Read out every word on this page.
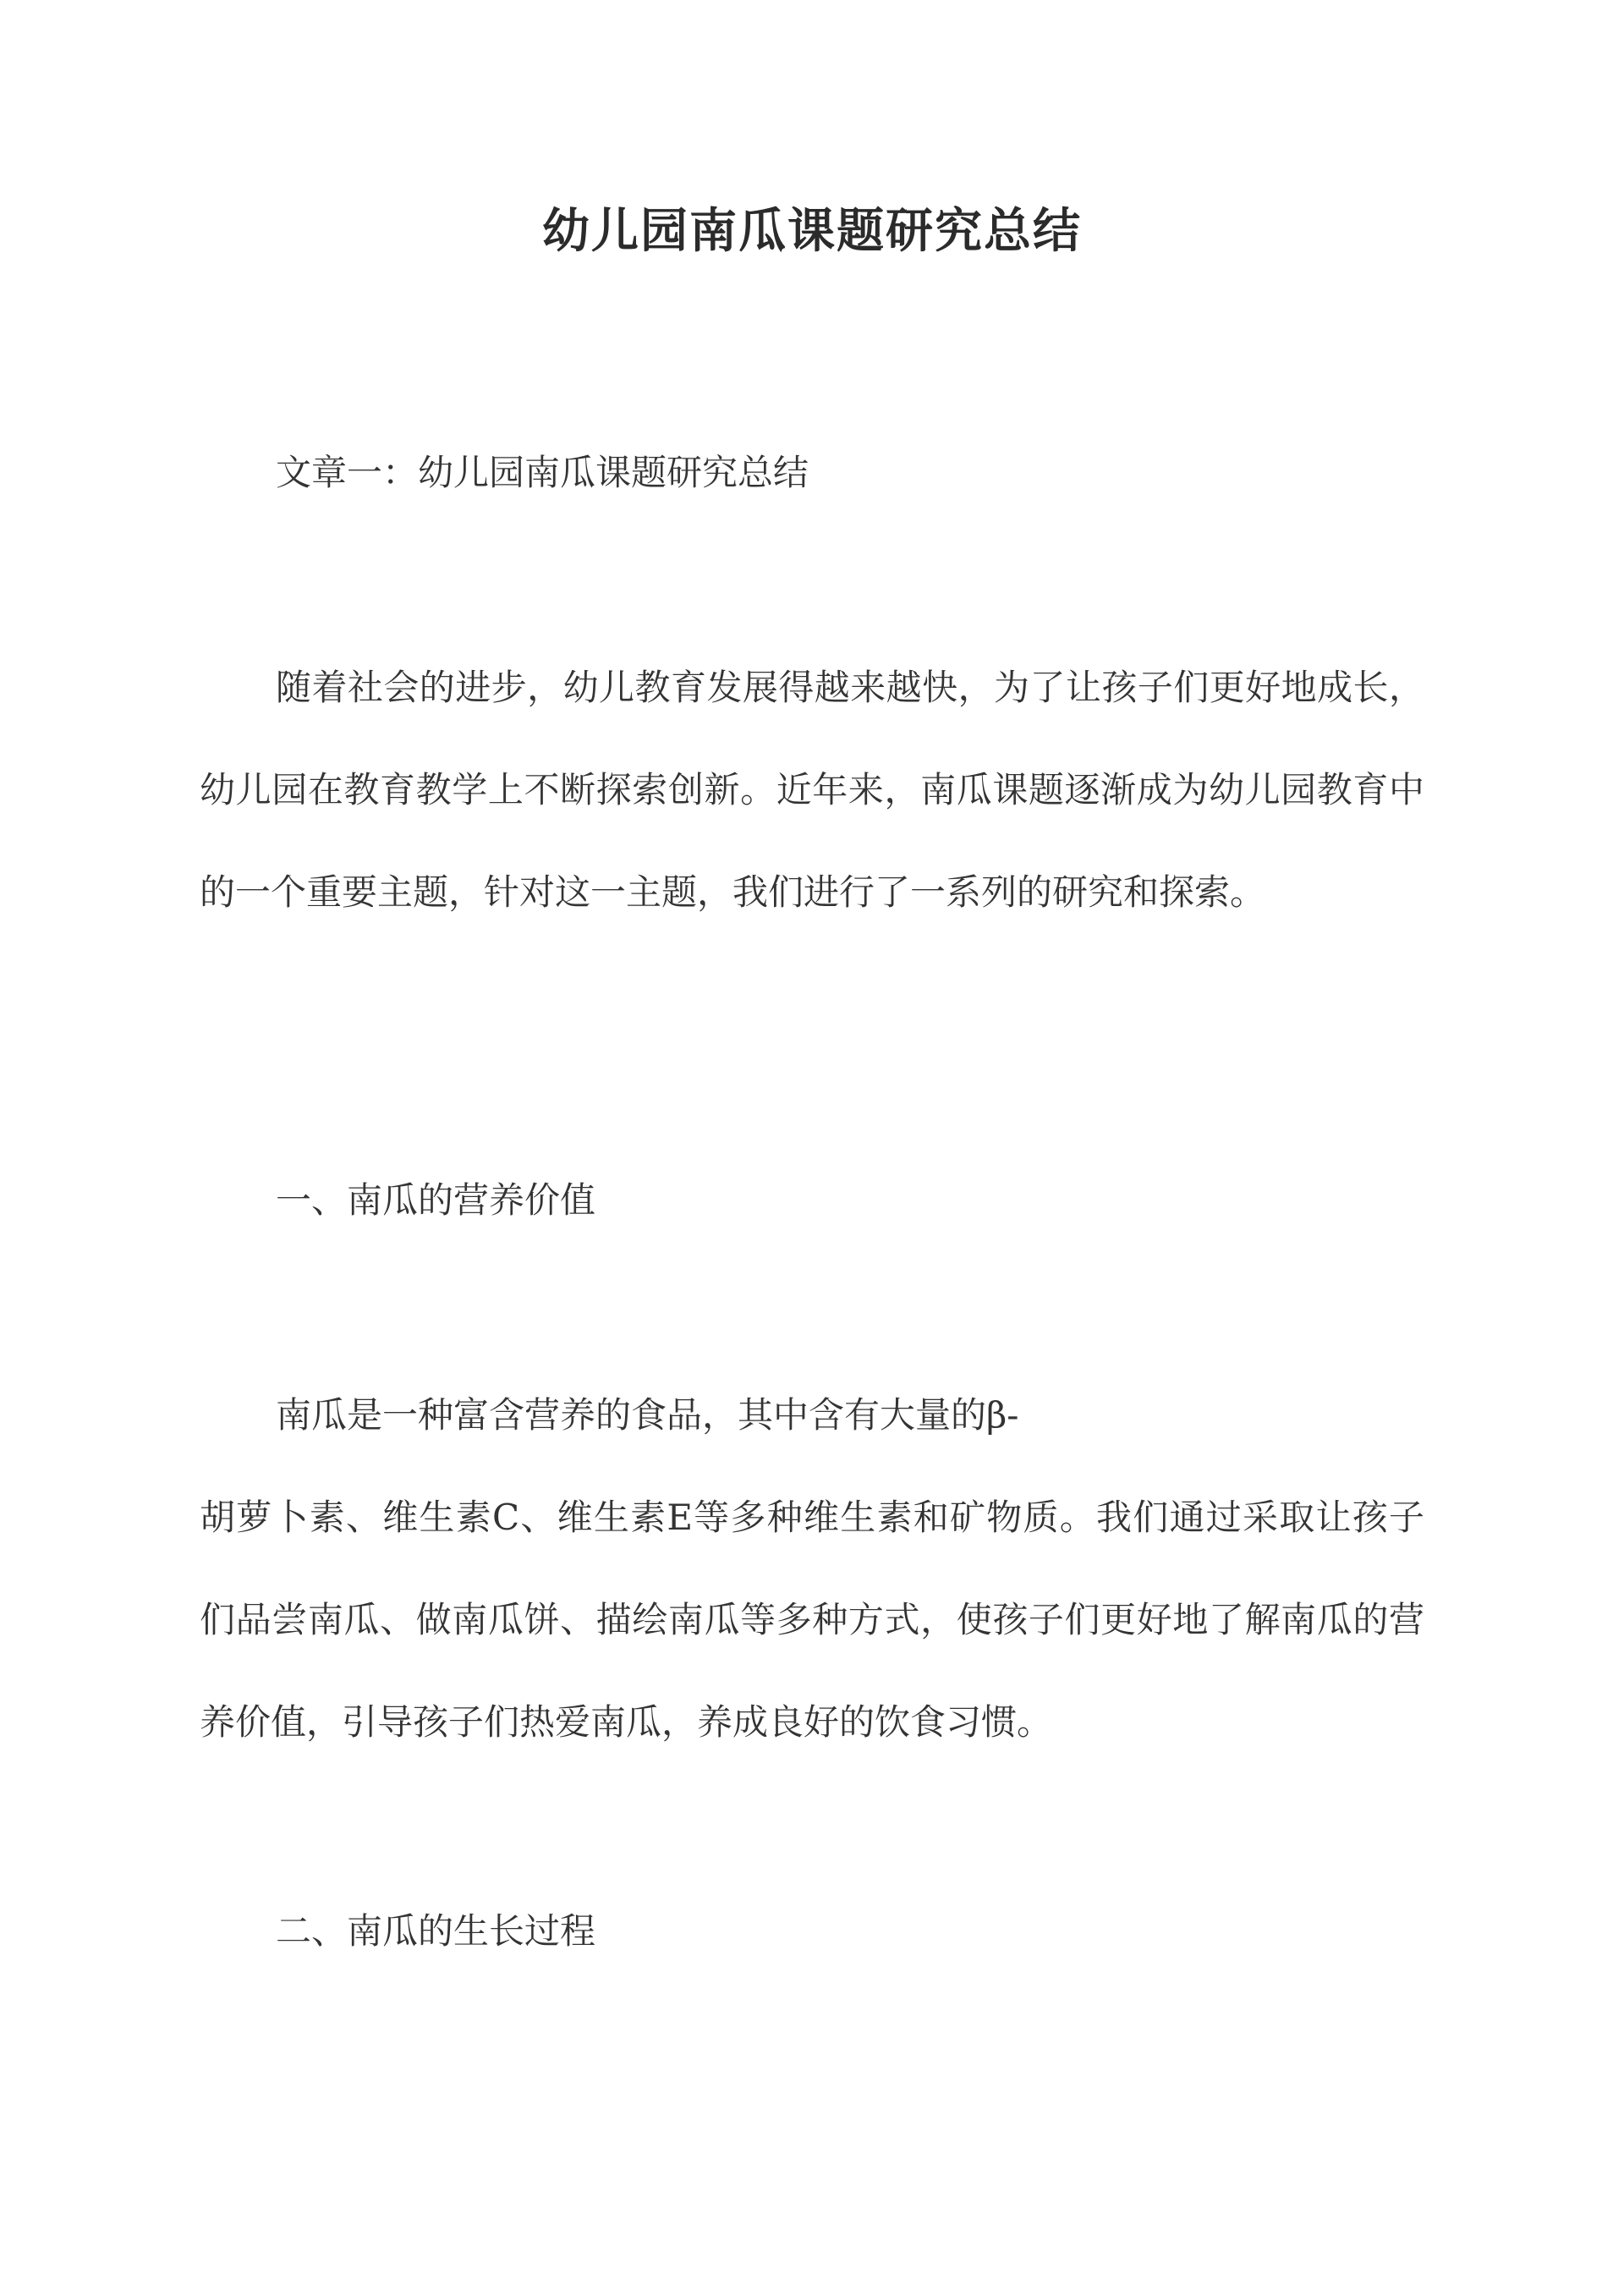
幼儿园南瓜课题研究总结
文章一：幼儿园南瓜课题研究总结
随着社会的进步，幼儿教育发展得越来越快，为了让孩子们更好地成长，幼儿园在教育教学上不断探索创新。近年来，南瓜课题逐渐成为幼儿园教育中的一个重要主题，针对这一主题，我们进行了一系列的研究和探索。
一、南瓜的营养价值
南瓜是一种富含营养的食品，其中含有大量的β-
胡萝卜素、维生素C、维生素E等多种维生素和矿物质。我们通过采取让孩子们品尝南瓜、做南瓜饼、描绘南瓜等多种方式，使孩子们更好地了解南瓜的营养价值，引导孩子们热爱南瓜，养成良好的饮食习惯。
二、南瓜的生长过程
